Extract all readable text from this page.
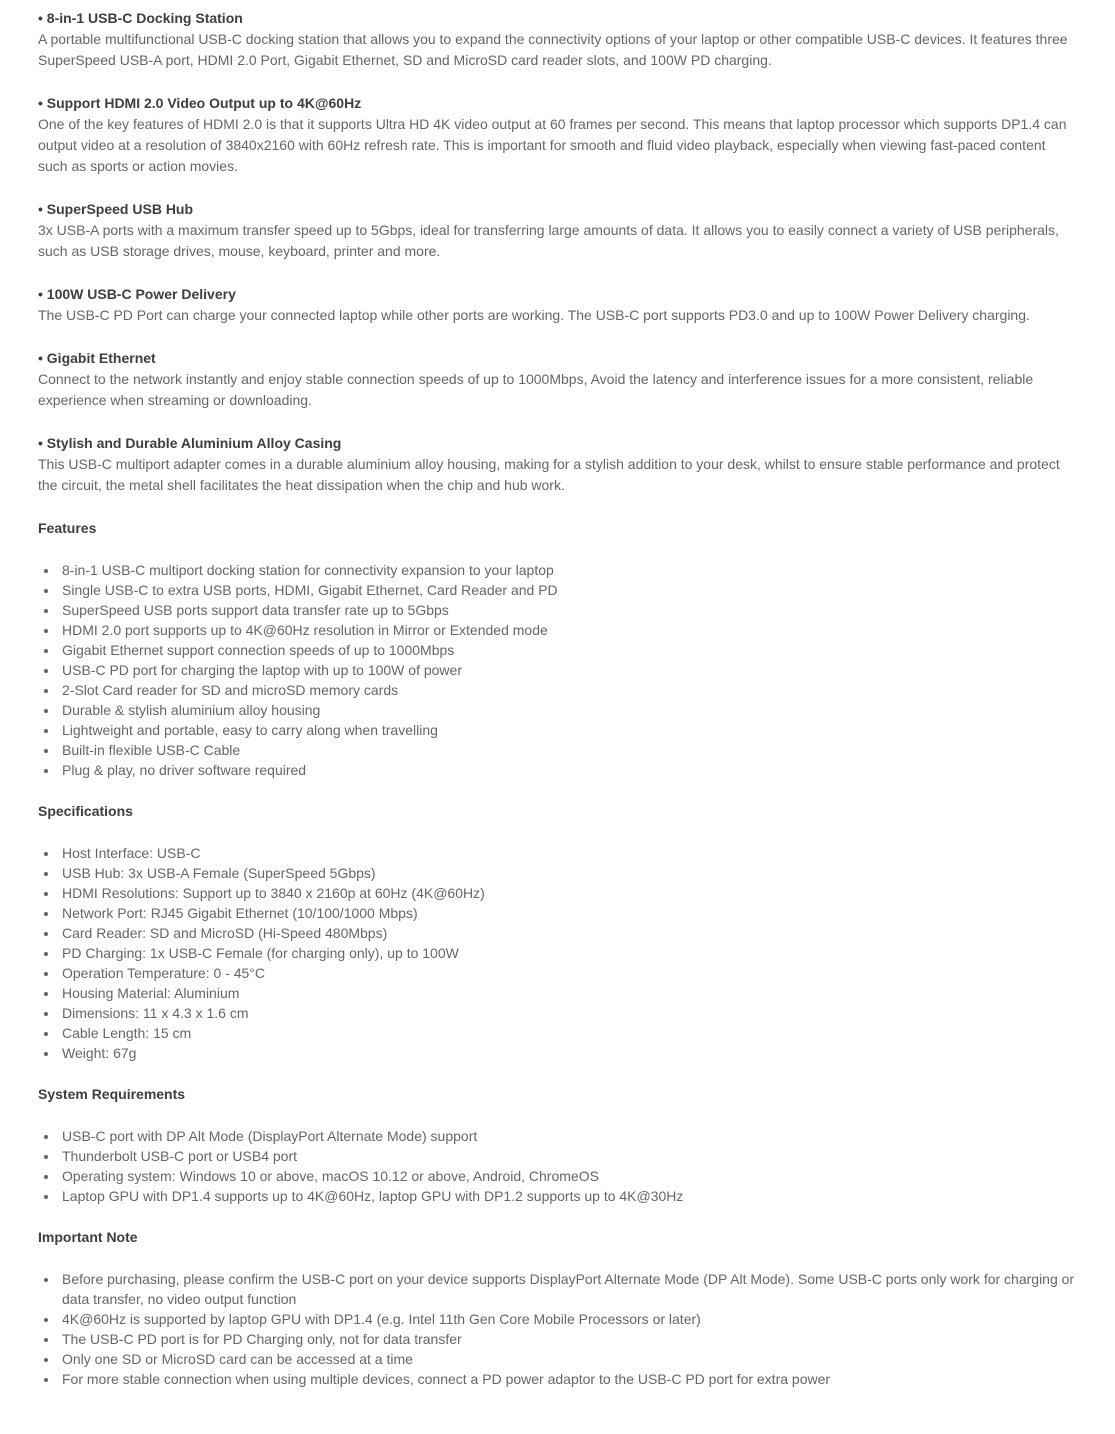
• 8-in-1 USB-C Docking Station
A portable multifunctional USB-C docking station that allows you to expand the connectivity options of your laptop or other compatible USB-C devices. It features three SuperSpeed USB-A port, HDMI 2.0 Port, Gigabit Ethernet, SD and MicroSD card reader slots, and 100W PD charging.

• Support HDMI 2.0 Video Output up to 4K@60Hz
One of the key features of HDMI 2.0 is that it supports Ultra HD 4K video output at 60 frames per second. This means that laptop processor which supports DP1.4 can output video at a resolution of 3840x2160 with 60Hz refresh rate. This is important for smooth and fluid video playback, especially when viewing fast-paced content such as sports or action movies.

• SuperSpeed USB Hub
3x USB-A ports with a maximum transfer speed up to 5Gbps, ideal for transferring large amounts of data. It allows you to easily connect a variety of USB peripherals, such as USB storage drives, mouse, keyboard, printer and more.

• 100W USB-C Power Delivery
The USB-C PD Port can charge your connected laptop while other ports are working. The USB-C port supports PD3.0 and up to 100W Power Delivery charging.

• Gigabit Ethernet
Connect to the network instantly and enjoy stable connection speeds of up to 1000Mbps, Avoid the latency and interference issues for a more consistent, reliable experience when streaming or downloading.

• Stylish and Durable Aluminium Alloy Casing
This USB-C multiport adapter comes in a durable aluminium alloy housing, making for a stylish addition to your desk, whilst to ensure stable performance and protect the circuit, the metal shell facilitates the heat dissipation when the chip and hub work.

Features
• 8-in-1 USB-C multiport docking station for connectivity expansion to your laptop
• Single USB-C to extra USB ports, HDMI, Gigabit Ethernet, Card Reader and PD
• SuperSpeed USB ports support data transfer rate up to 5Gbps
• HDMI 2.0 port supports up to 4K@60Hz resolution in Mirror or Extended mode
• Gigabit Ethernet support connection speeds of up to 1000Mbps
• USB-C PD port for charging the laptop with up to 100W of power
• 2-Slot Card reader for SD and microSD memory cards
• Durable & stylish aluminium alloy housing
• Lightweight and portable, easy to carry along when travelling
• Built-in flexible USB-C Cable
• Plug & play, no driver software required
Specifications
• Host Interface: USB-C
• USB Hub: 3x USB-A Female (SuperSpeed 5Gbps)
• HDMI Resolutions: Support up to 3840 x 2160p at 60Hz (4K@60Hz)
• Network Port: RJ45 Gigabit Ethernet (10/100/1000 Mbps)
• Card Reader: SD and MicroSD (Hi-Speed 480Mbps)
• PD Charging: 1x USB-C Female (for charging only), up to 100W
• Operation Temperature: 0 - 45°C
• Housing Material: Aluminium
• Dimensions: 11 x 4.3 x 1.6 cm
• Cable Length: 15 cm
• Weight: 67g
System Requirements
• USB-C port with DP Alt Mode (DisplayPort Alternate Mode) support
• Thunderbolt USB-C port or USB4 port
• Operating system: Windows 10 or above, macOS 10.12 or above, Android, ChromeOS
• Laptop GPU with DP1.4 supports up to 4K@60Hz, laptop GPU with DP1.2 supports up to 4K@30Hz
Important Note
• Before purchasing, please confirm the USB-C port on your device supports DisplayPort Alternate Mode (DP Alt Mode). Some USB-C ports only work for charging or data transfer, no video output function
• 4K@60Hz is supported by laptop GPU with DP1.4 (e.g. Intel 11th Gen Core Mobile Processors or later)
• The USB-C PD port is for PD Charging only, not for data transfer
• Only one SD or MicroSD card can be accessed at a time
• For more stable connection when using multiple devices, connect a PD power adaptor to the USB-C PD port for extra power
